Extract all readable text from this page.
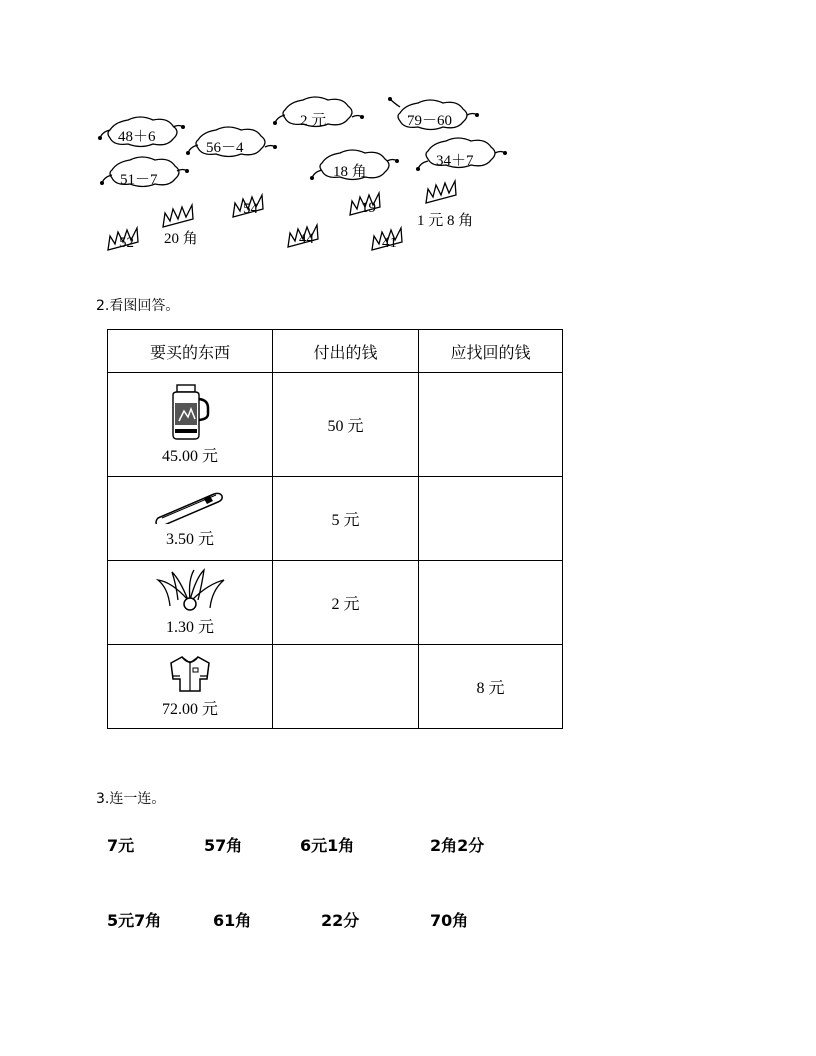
48＋6
2 元	79－60
56－4
51－7	18 角
34＋7
54	19
52 20 角	44	41
1 元 8 角
2.看图回答。
要买的东西	付出的钱	应找回的钱

45.00 元	50 元	

3.50 元	5 元	

1.30 元	2 元	

72.00 元		8 元
3.连一连。
7元	57角	6元1角	2角2分
5元7角	61角	22分	70角
